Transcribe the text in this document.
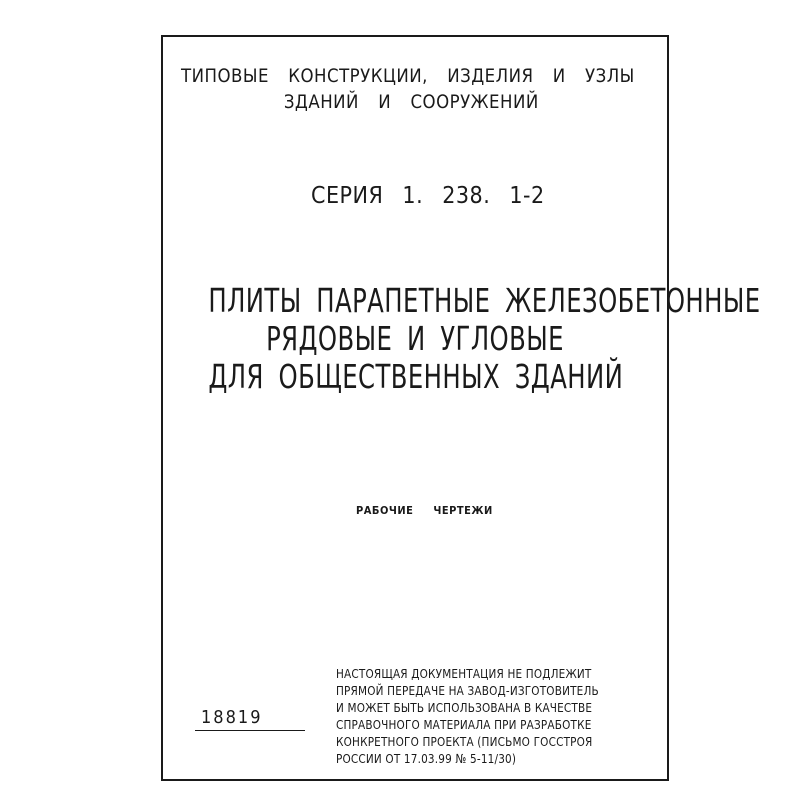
ТИПОВЫЕ КОНСТРУКЦИИ, ИЗДЕЛИЯ И УЗЛЫ
ЗДАНИЙ И СООРУЖЕНИЙ
СЕРИЯ 1. 238. 1-2
ПЛИТЫ ПАРАПЕТНЫЕ ЖЕЛЕЗОБЕТОННЫЕ
РЯДОВЫЕ И УГЛОВЫЕ
ДЛЯ ОБЩЕСТВЕННЫХ ЗДАНИЙ
РАБОЧИЕ ЧЕРТЕЖИ
18819
НАСТОЯЩАЯ ДОКУМЕНТАЦИЯ НЕ ПОДЛЕЖИТ
ПРЯМОЙ ПЕРЕДАЧЕ НА ЗАВОД-ИЗГОТОВИТЕЛЬ
И МОЖЕТ БЫТЬ ИСПОЛЬЗОВАНА В КАЧЕСТВЕ
СПРАВОЧНОГО МАТЕРИАЛА ПРИ РАЗРАБОТКЕ
КОНКРЕТНОГО ПРОЕКТА (ПИСЬМО ГОССТРОЯ
РОССИИ ОТ 17.03.99 № 5-11/30)
